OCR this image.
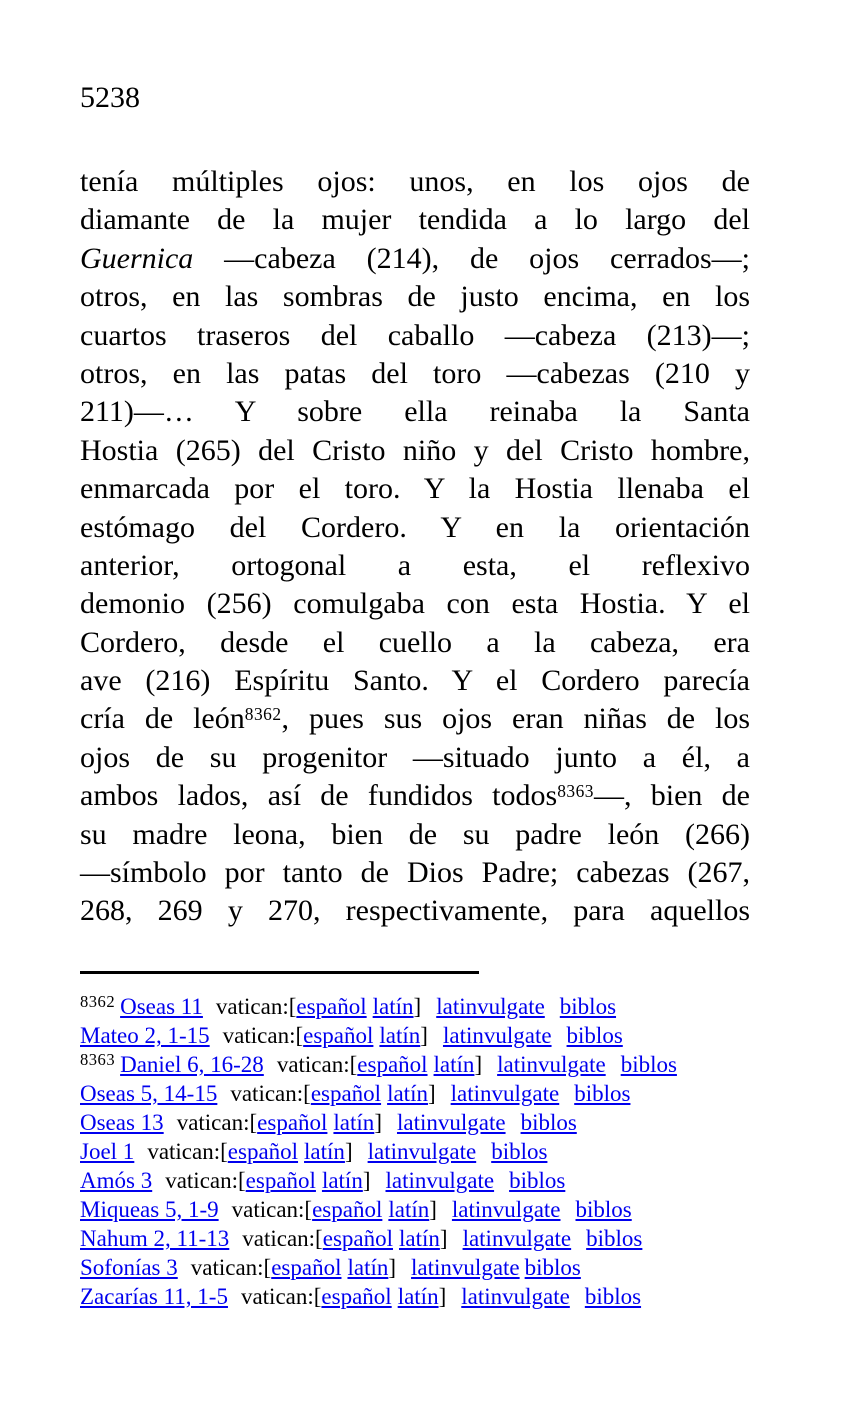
5238
tenía múltiples ojos: unos, en los ojos de
diamante de la mujer tendida a lo largo del
Guernica —cabeza (214), de ojos cerrados—;
otros, en las sombras de justo encima, en los
cuartos traseros del caballo —cabeza (213)—;
otros, en las patas del toro —cabezas (210 y
211)—… Y sobre ella reinaba la Santa
Hostia (265) del Cristo niño y del Cristo hombre,
enmarcada por el toro. Y la Hostia llenaba el
estómago del Cordero. Y en la orientación
anterior, ortogonal a esta, el reflexivo
demonio (256) comulgaba con esta Hostia. Y el
Cordero, desde el cuello a la cabeza, era
ave (216) Espíritu Santo. Y el Cordero parecía
cría de león$^{8362}$, pues sus ojos eran niñas de los
ojos de su progenitor —situado junto a él, a
ambos lados, así de fundidos todos$^{8363}$—, bien de
su madre leona, bien de su padre león (266)
—símbolo por tanto de Dios Padre; cabezas (267,
268, 269 y 270, respectivamente, para aquellos
$^{8362}$ Oseas 11 vatican:[español latín] latinvulgate biblos
Mateo 2, 1-15 vatican:[español latín] latinvulgate biblos
$^{8363}$ Daniel 6, 16-28 vatican:[español latín] latinvulgate biblos
Oseas 5, 14-15 vatican:[español latín] latinvulgate biblos
Oseas 13 vatican:[español latín] latinvulgate biblos
Joel 1 vatican:[español latín] latinvulgate biblos
Amós 3 vatican:[español latín] latinvulgate biblos
Miqueas 5, 1-9 vatican:[español latín] latinvulgate biblos
Nahum 2, 11-13 vatican:[español latín] latinvulgate biblos
Sofonías 3 vatican:[español latín] latinvulgate biblos
Zacarías 11, 1-5 vatican:[español latín] latinvulgate biblos
